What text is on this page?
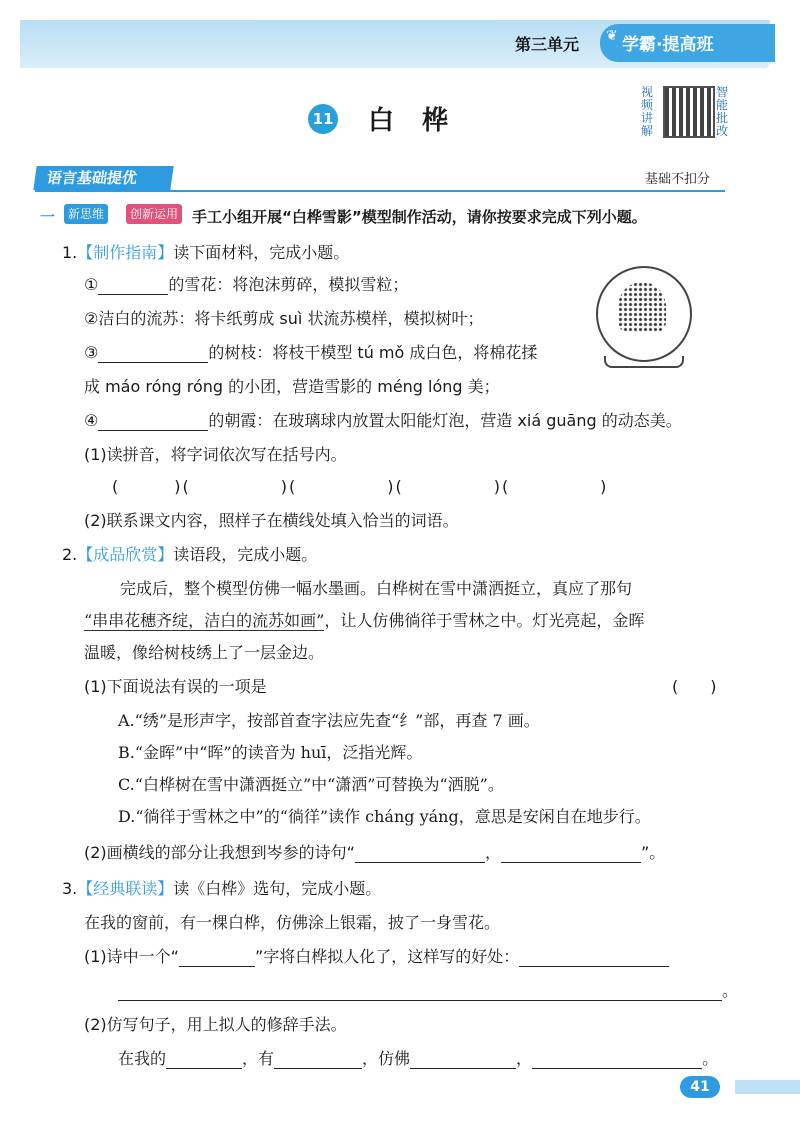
第三单元 ❦ 学霸·提高班
11 白桦
视频讲解
智能批改
语言基础提优	基础不扣分
一	新思维	创新运用 手工小组开展“白桦雪影”模型制作活动，请你按要求完成下列小题。
1.【制作指南】读下面材料，完成小题。
①	的雪花：将泡沫剪碎，模拟雪粒；
②洁白的流苏：将卡纸剪成 suì 状流苏模样，模拟树叶；
③	的树枝：将枝干模型 tú mǒ 成白色，将棉花揉
成 máo róng róng 的小团，营造雪影的 méng lóng 美；
④	的朝霞：在玻璃球内放置太阳能灯泡，营造 xiá guāng 的动态美。
(1)读拼音，将字词依次写在括号内。
(　　　)(　　　　　)(　　　　　)(　　　　　)(　　　　　)
(2)联系课文内容，照样子在横线处填入恰当的词语。
2.【成品欣赏】读语段，完成小题。
完成后，整个模型仿佛一幅水墨画。白桦树在雪中潇洒挺立，真应了那句
“串串花穗齐绽，洁白的流苏如画”，让人仿佛徜徉于雪林之中。灯光亮起，金晖
温暖，像给树枝绣上了一层金边。
(1)下面说法有误的一项是	(　　)
A.“绣”是形声字，按部首查字法应先查“纟”部，再查 7 画。
B.“金晖”中“晖”的读音为 huī，泛指光辉。
C.“白桦树在雪中潇洒挺立”中“潇洒”可替换为“洒脱”。
D.“徜徉于雪林之中”的“徜徉”读作 cháng yáng，意思是安闲自在地步行。
(2)画横线的部分让我想到岑参的诗句“	，	”。
3.【经典联读】读《白桦》选句，完成小题。
在我的窗前，有一棵白桦，仿佛涂上银霜，披了一身雪花。
(1)诗中一个“	”字将白桦拟人化了，这样写的好处：
。
(2)仿写句子，用上拟人的修辞手法。
在我的	，有	，仿佛	，	。
41
